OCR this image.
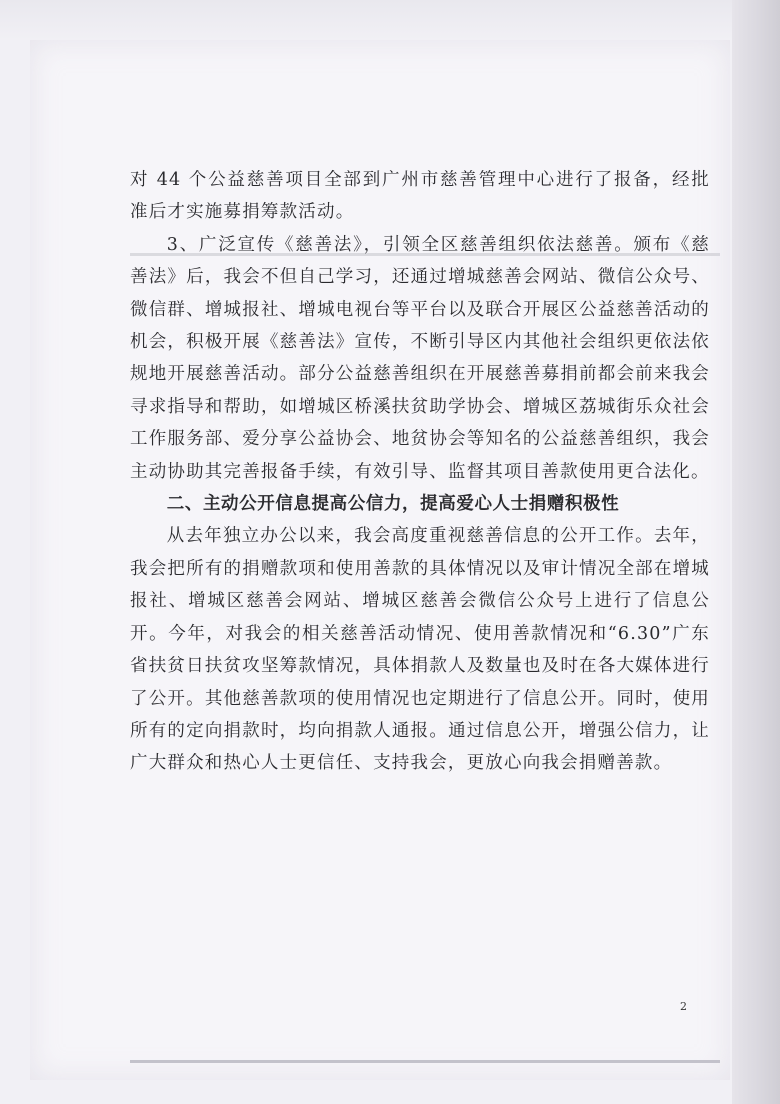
对 44 个公益慈善项目全部到广州市慈善管理中心进行了报备，经批准后才实施募捐筹款活动。

3、广泛宣传《慈善法》，引领全区慈善组织依法慈善。颁布《慈善法》后，我会不但自己学习，还通过增城慈善会网站、微信公众号、微信群、增城报社、增城电视台等平台以及联合开展区公益慈善活动的机会，积极开展《慈善法》宣传，不断引导区内其他社会组织更依法依规地开展慈善活动。部分公益慈善组织在开展慈善募捐前都会前来我会寻求指导和帮助，如增城区桥溪扶贫助学协会、增城区荔城街乐众社会工作服务部、爱分享公益协会、地贫协会等知名的公益慈善组织，我会主动协助其完善报备手续，有效引导、监督其项目善款使用更合法化。

二、主动公开信息提高公信力，提高爱心人士捐赠积极性

从去年独立办公以来，我会高度重视慈善信息的公开工作。去年，我会把所有的捐赠款项和使用善款的具体情况以及审计情况全部在增城报社、增城区慈善会网站、增城区慈善会微信公众号上进行了信息公开。今年，对我会的相关慈善活动情况、使用善款情况和“6.30”广东省扶贫日扶贫攻坚筹款情况，具体捐款人及数量也及时在各大媒体进行了公开。其他慈善款项的使用情况也定期进行了信息公开。同时，使用所有的定向捐款时，均向捐款人通报。通过信息公开，增强公信力，让广大群众和热心人士更信任、支持我会，更放心向我会捐赠善款。

2
